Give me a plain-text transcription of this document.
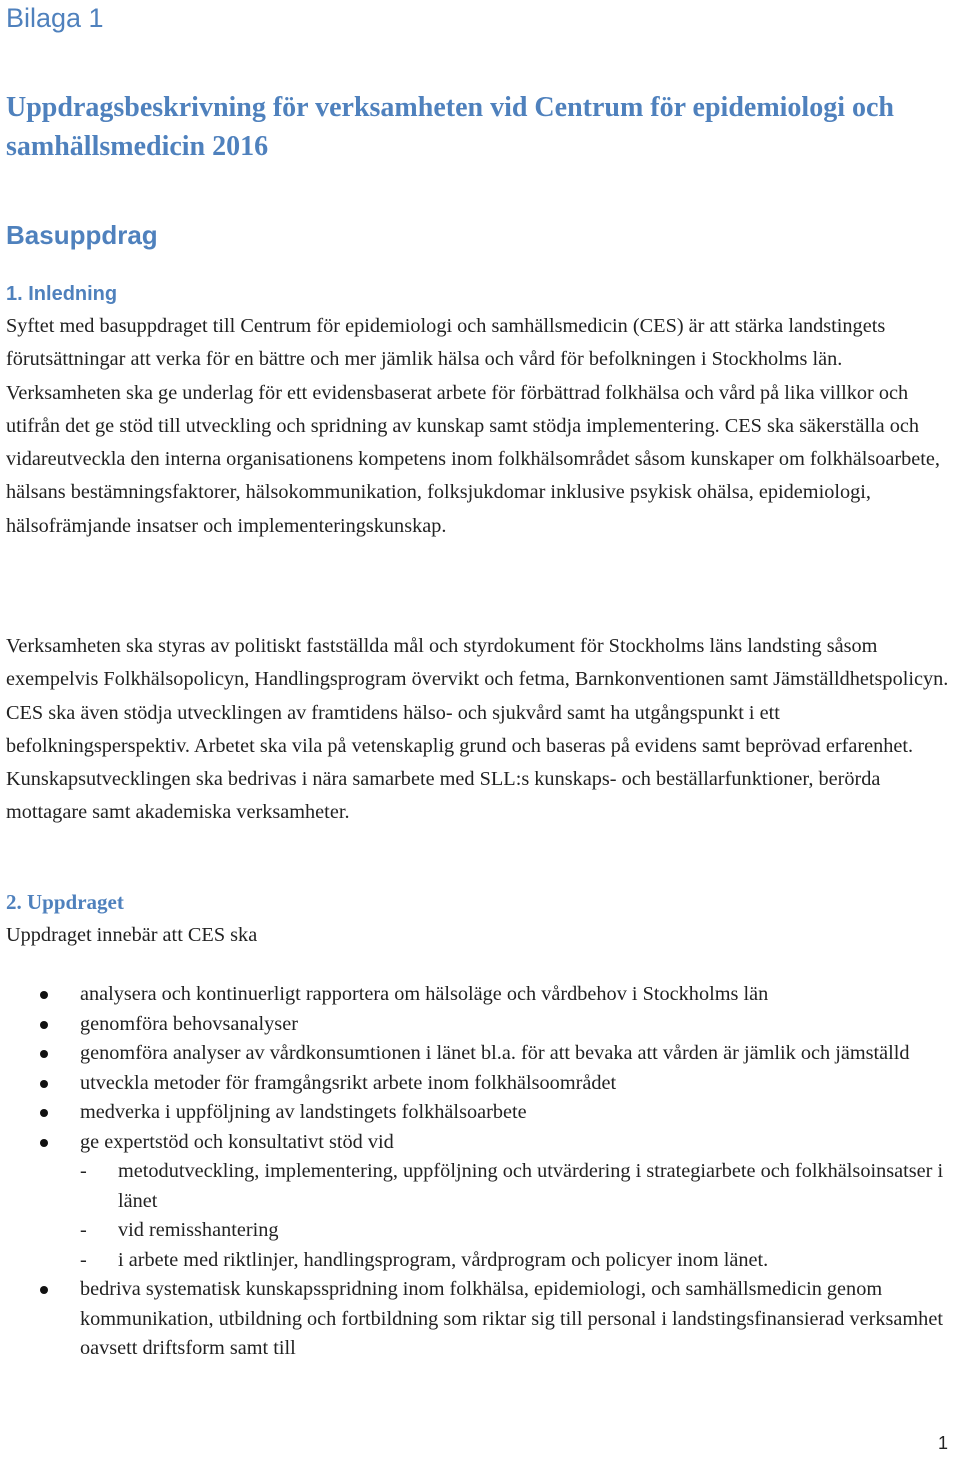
Bilaga 1
Uppdragsbeskrivning för verksamheten vid Centrum för epidemiologi och samhällsmedicin 2016
Basuppdrag
1. Inledning

Syftet med basuppdraget till Centrum för epidemiologi och samhällsmedicin (CES) är att stärka landstingets förutsättningar att verka för en bättre och mer jämlik hälsa och vård för befolkningen i Stockholms län. Verksamheten ska ge underlag för ett evidensbaserat arbete för förbättrad folkhälsa och vård på lika villkor och utifrån det ge stöd till utveckling och spridning av kunskap samt stödja implementering. CES ska säkerställa och vidareutveckla den interna organisationens kompetens inom folkhälsområdet såsom kunskaper om folkhälsoarbete, hälsans bestämningsfaktorer, hälsokommunikation, folksjukdomar inklusive psykisk ohälsa, epidemiologi, hälsofrämjande insatser och implementeringskunskap.

Verksamheten ska styras av politiskt fastställda mål och styrdokument för Stockholms läns landsting såsom exempelvis Folkhälsopolicyn, Handlingsprogram övervikt och fetma, Barnkonventionen samt Jämställdhetspolicyn. CES ska även stödja utvecklingen av framtidens hälso- och sjukvård samt ha utgångspunkt i ett befolkningsperspektiv. Arbetet ska vila på vetenskaplig grund och baseras på evidens samt beprövad erfarenhet. Kunskapsutvecklingen ska bedrivas i nära samarbete med SLL:s kunskaps- och beställarfunktioner, berörda mottagare samt akademiska verksamheter.

2. Uppdraget

Uppdraget innebär att CES ska

analysera och kontinuerligt rapportera om hälsoläge och vårdbehov i Stockholms län
genomföra behovsanalyser
genomföra analyser av vårdkonsumtionen i länet bl.a. för att bevaka att vården är jämlik och jämställd
utveckla metoder för framgångsrikt arbete inom folkhälsoområdet
medverka i uppföljning av landstingets folkhälsoarbete
ge expertstöd och konsultativt stöd vid
- metodutveckling, implementering, uppföljning och utvärdering i strategiarbete och folkhälsoinsatser i länet
- vid remisshantering
- i arbete med riktlinjer, handlingsprogram, vårdprogram och policyer inom länet.
bedriva systematisk kunskapsspridning inom folkhälsa, epidemiologi, och samhällsmedicin genom kommunikation, utbildning och fortbildning som riktar sig till personal i landstingsfinansierad verksamhet oavsett driftsform samt till
1
